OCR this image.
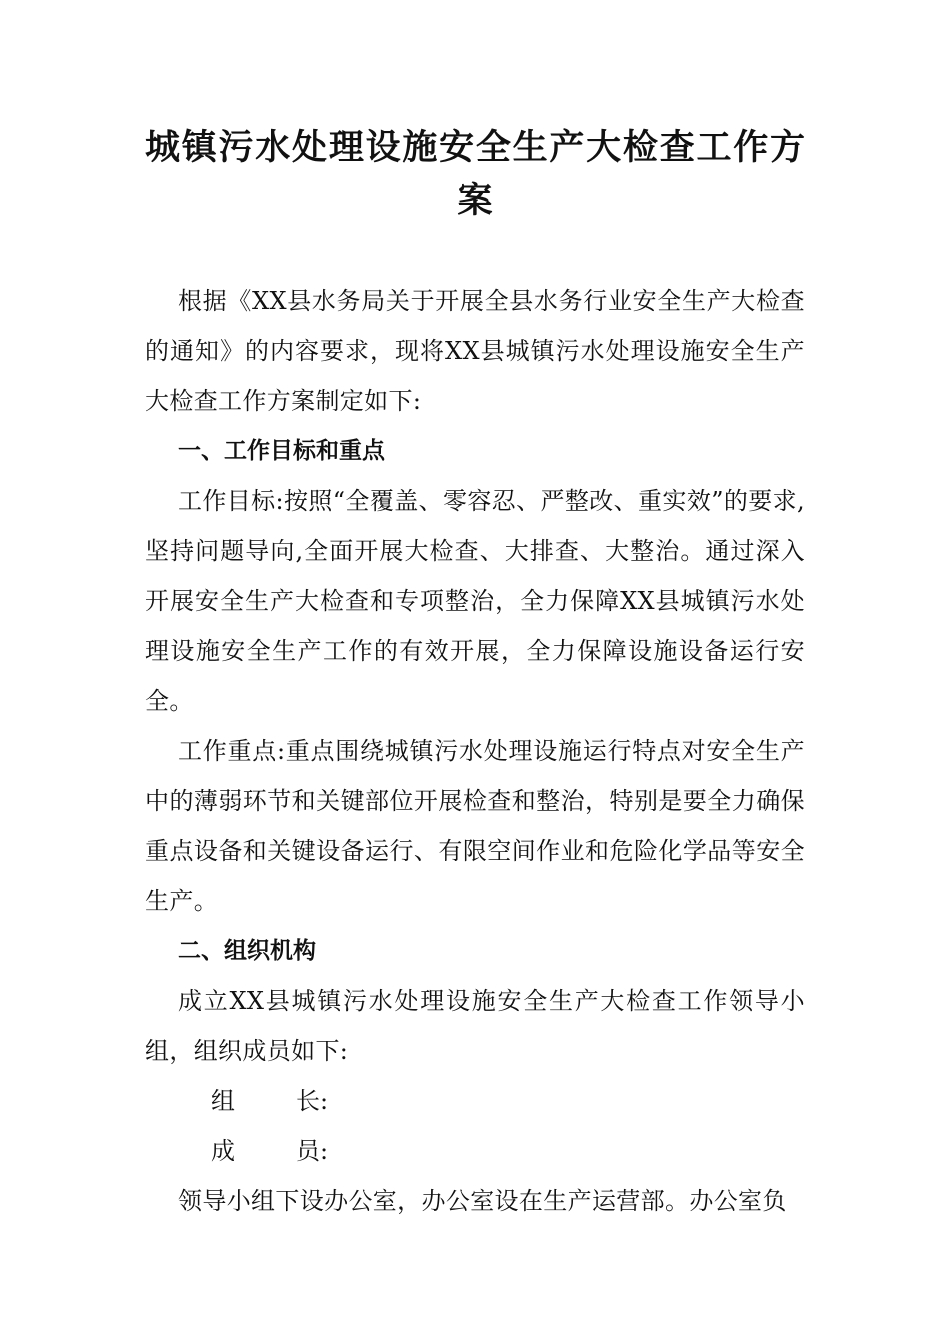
城镇污水处理设施安全生产大检查工作方案

根据《XX县水务局关于开展全县水务行业安全生产大检查的通知》的内容要求，现将XX县城镇污水处理设施安全生产大检查工作方案制定如下:

一、工作目标和重点

工作目标:按照“全覆盖、零容忍、严整改、重实效”的要求,坚持问题导向,全面开展大检查、大排查、大整治。通过深入开展安全生产大检查和专项整治，全力保障XX县城镇污水处理设施安全生产工作的有效开展，全力保障设施设备运行安全。

工作重点:重点围绕城镇污水处理设施运行特点对安全生产中的薄弱环节和关键部位开展检查和整治，特别是要全力确保重点设备和关键设备运行、有限空间作业和危险化学品等安全生产。

二、组织机构

成立XX县城镇污水处理设施安全生产大检查工作领导小组，组织成员如下:

组	长:

成	员:

领导小组下设办公室，办公室设在生产运营部。办公室负
